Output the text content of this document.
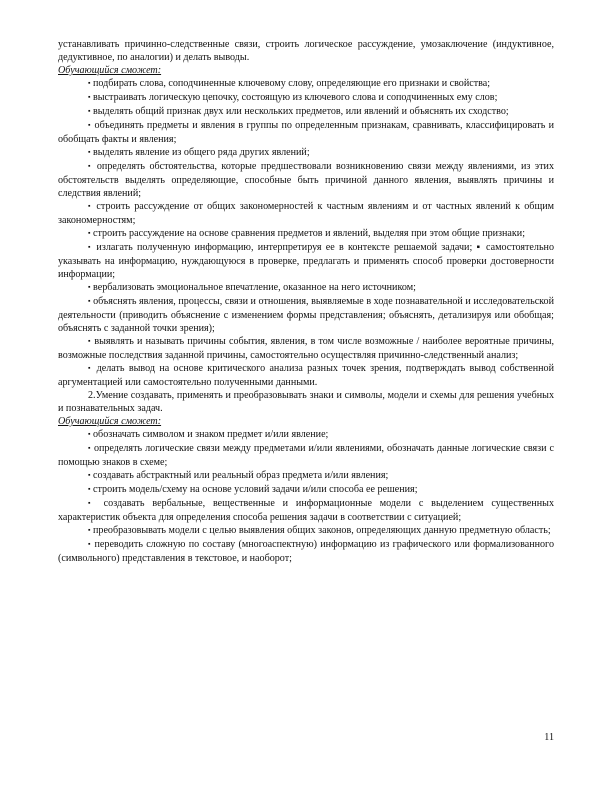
устанавливать причинно-следственные связи, строить логическое рассуждение, умозаключение (индуктивное, дедуктивное, по аналогии) и делать выводы.

Обучающийся сможет:

▪ подбирать слова, соподчиненные ключевому слову, определяющие его признаки и свойства;

▪ выстраивать логическую цепочку, состоящую из ключевого слова и соподчиненных ему слов;

▪ выделять общий признак двух или нескольких предметов, или явлений и объяснять их сходство;

▪ объединять предметы и явления в группы по определенным признакам, сравнивать, классифицировать и обобщать факты и явления;

▪ выделять явление из общего ряда других явлений;

▪ определять обстоятельства, которые предшествовали возникновению связи между явлениями, из этих обстоятельств выделять определяющие, способные быть причиной данного явления, выявлять причины и следствия явлений;

▪ строить рассуждение от общих закономерностей к частным явлениям и от частных явлений к общим закономерностям;

▪ строить рассуждение на основе сравнения предметов и явлений, выделяя при этом общие признаки;

▪ излагать полученную информацию, интерпретируя ее в контексте решаемой задачи; ▪ самостоятельно указывать на информацию, нуждающуюся в проверке, предлагать и применять способ проверки достоверности информации;

▪ вербализовать эмоциональное впечатление, оказанное на него источником;

▪ объяснять явления, процессы, связи и отношения, выявляемые в ходе познавательной и исследовательской деятельности (приводить объяснение с изменением формы представления; объяснять, детализируя или обобщая; объяснять с заданной точки зрения);

▪ выявлять и называть причины события, явления, в том числе возможные / наиболее вероятные причины, возможные последствия заданной причины, самостоятельно осуществляя причинно-следственный анализ;

▪ делать вывод на основе критического анализа разных точек зрения, подтверждать вывод собственной аргументацией или самостоятельно полученными данными.

2.Умение создавать, применять и преобразовывать знаки и символы, модели и схемы для решения учебных и познавательных задач.

Обучающийся сможет:

▪ обозначать символом и знаком предмет и/или явление;

▪ определять логические связи между предметами и/или явлениями, обозначать данные логические связи с помощью знаков в схеме;

▪ создавать абстрактный или реальный образ предмета и/или явления;

▪ строить модель/схему на основе условий задачи и/или способа ее решения;

▪ создавать вербальные, вещественные и информационные модели с выделением существенных характеристик объекта для определения способа решения задачи в соответствии с ситуацией;

▪ преобразовывать модели с целью выявления общих законов, определяющих данную предметную область;

▪ переводить сложную по составу (многоаспектную) информацию из графического или формализованного (символьного) представления в текстовое, и наоборот;

11
